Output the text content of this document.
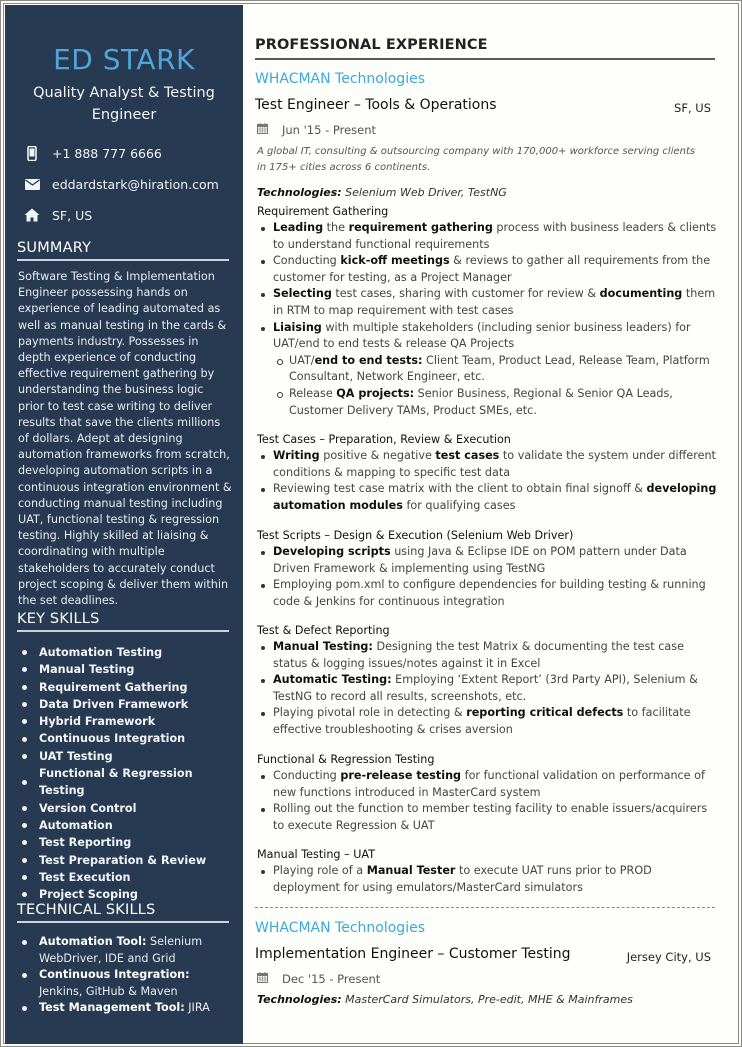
ED STARK
Quality Analyst & Testing Engineer
+1 888 777 6666
eddardstark@hiration.com
SF, US
SUMMARY

Software Testing & Implementation Engineer possessing hands on experience of leading automated as well as manual testing in the cards & payments industry. Possesses in depth experience of conducting effective requirement gathering by understanding the business logic prior to test case writing to deliver results that save the clients millions of dollars. Adept at designing automation frameworks from scratch, developing automation scripts in a continuous integration environment & conducting manual testing including UAT, functional testing & regression testing. Highly skilled at liaising & coordinating with multiple stakeholders to accurately conduct project scoping & deliver them within the set deadlines.

KEY SKILLS
Automation Testing
Manual Testing
Requirement Gathering
Data Driven Framework
Hybrid Framework
Continuous Integration
UAT Testing
Functional & Regression Testing
Version Control
Automation
Test Reporting
Test Preparation & Review
Test Execution
Project Scoping
TECHNICAL SKILLS
Automation Tool: Selenium WebDriver, IDE and Grid
Continuous Integration: Jenkins, GitHub & Maven
Test Management Tool: JIRA
PROFESSIONAL EXPERIENCE
WHACMAN Technologies
Test Engineer – Tools & Operations	SF, US
Jun '15 - Present
A global IT, consulting & outsourcing company with 170,000+ workforce serving clients in 175+ cities across 6 continents.
Technologies: Selenium Web Driver, TestNG
Requirement Gathering
Leading the requirement gathering process with business leaders & clients to understand functional requirements
Conducting kick-off meetings & reviews to gather all requirements from the customer for testing, as a Project Manager
Selecting test cases, sharing with customer for review & documenting them in RTM to map requirement with test cases
Liaising with multiple stakeholders (including senior business leaders) for UAT/end to end tests & release QA Projects
UAT/end to end tests: Client Team, Product Lead, Release Team, Platform Consultant, Network Engineer, etc.
Release QA projects: Senior Business, Regional & Senior QA Leads, Customer Delivery TAMs, Product SMEs, etc.
Test Cases – Preparation, Review & Execution
Writing positive & negative test cases to validate the system under different conditions & mapping to specific test data
Reviewing test case matrix with the client to obtain final signoff & developing automation modules for qualifying cases
Test Scripts – Design & Execution (Selenium Web Driver)
Developing scripts using Java & Eclipse IDE on POM pattern under Data Driven Framework & implementing using TestNG
Employing pom.xml to configure dependencies for building testing & running code & Jenkins for continuous integration
Test & Defect Reporting
Manual Testing: Designing the test Matrix & documenting the test case status & logging issues/notes against it in Excel
Automatic Testing: Employing ‘Extent Report’ (3rd Party API), Selenium & TestNG to record all results, screenshots, etc.
Playing pivotal role in detecting & reporting critical defects to facilitate effective troubleshooting & crises aversion
Functional & Regression Testing
Conducting pre-release testing for functional validation on performance of new functions introduced in MasterCard system
Rolling out the function to member testing facility to enable issuers/acquirers to execute Regression & UAT
Manual Testing – UAT
Playing role of a Manual Tester to execute UAT runs prior to PROD deployment for using emulators/MasterCard simulators
WHACMAN Technologies
Implementation Engineer – Customer Testing	Jersey City, US
Dec '15 - Present
Technologies: MasterCard Simulators, Pre-edit, MHE & Mainframes
